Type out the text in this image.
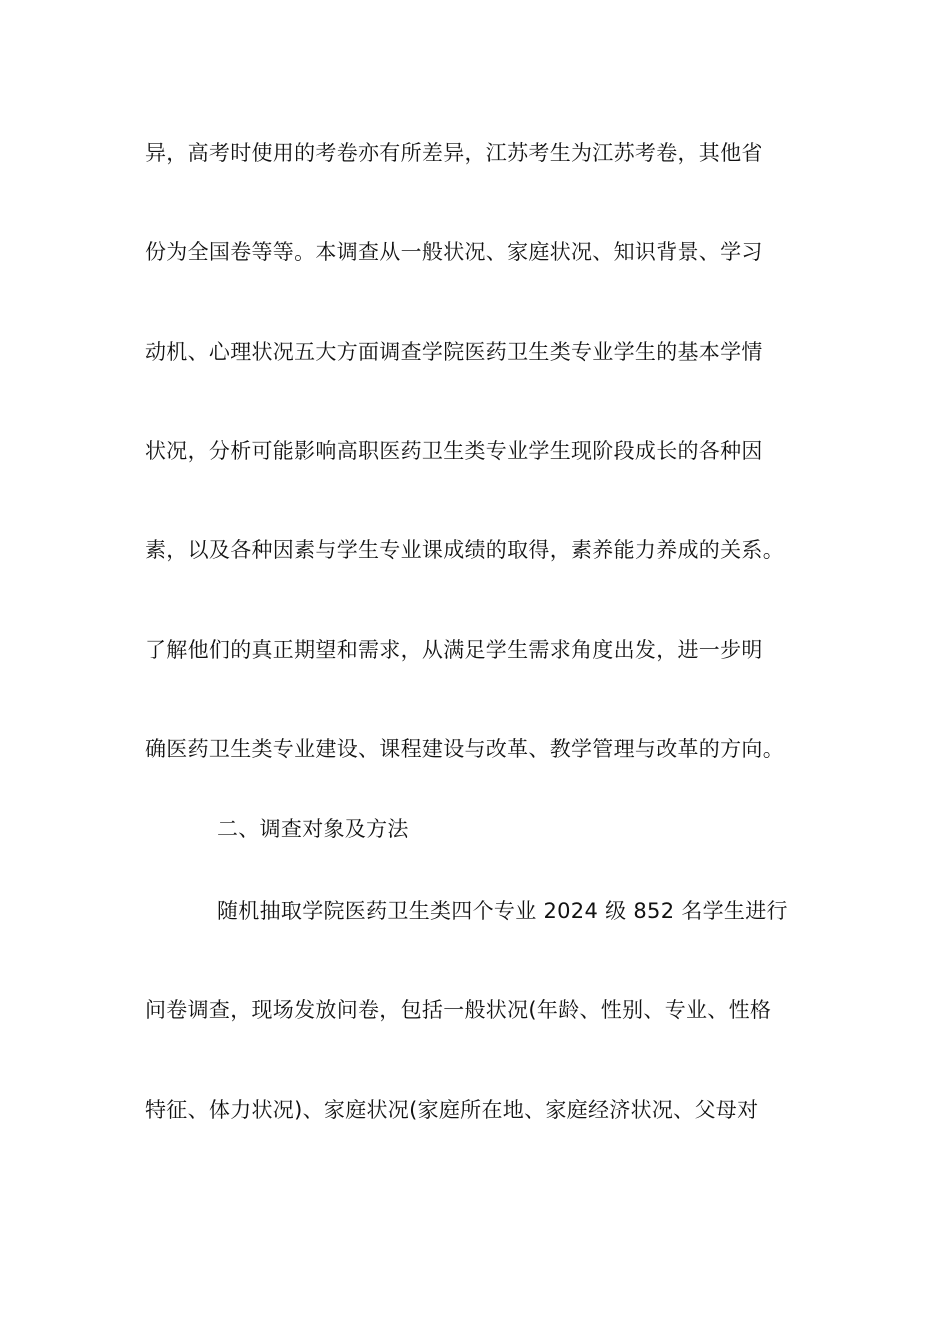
异，高考时使用的考卷亦有所差异，江苏考生为江苏考卷，其他省
份为全国卷等等。本调查从一般状况、家庭状况、知识背景、学习
动机、心理状况五大方面调查学院医药卫生类专业学生的基本学情
状况，分析可能影响高职医药卫生类专业学生现阶段成长的各种因
素，以及各种因素与学生专业课成绩的取得，素养能力养成的关系。
了解他们的真正期望和需求，从满足学生需求角度出发，进一步明
确医药卫生类专业建设、课程建设与改革、教学管理与改革的方向。
二、调查对象及方法
随机抽取学院医药卫生类四个专业 2024 级 852 名学生进行
问卷调查，现场发放问卷，包括一般状况(年龄、性别、专业、性格
特征、体力状况)、家庭状况(家庭所在地、家庭经济状况、父母对
